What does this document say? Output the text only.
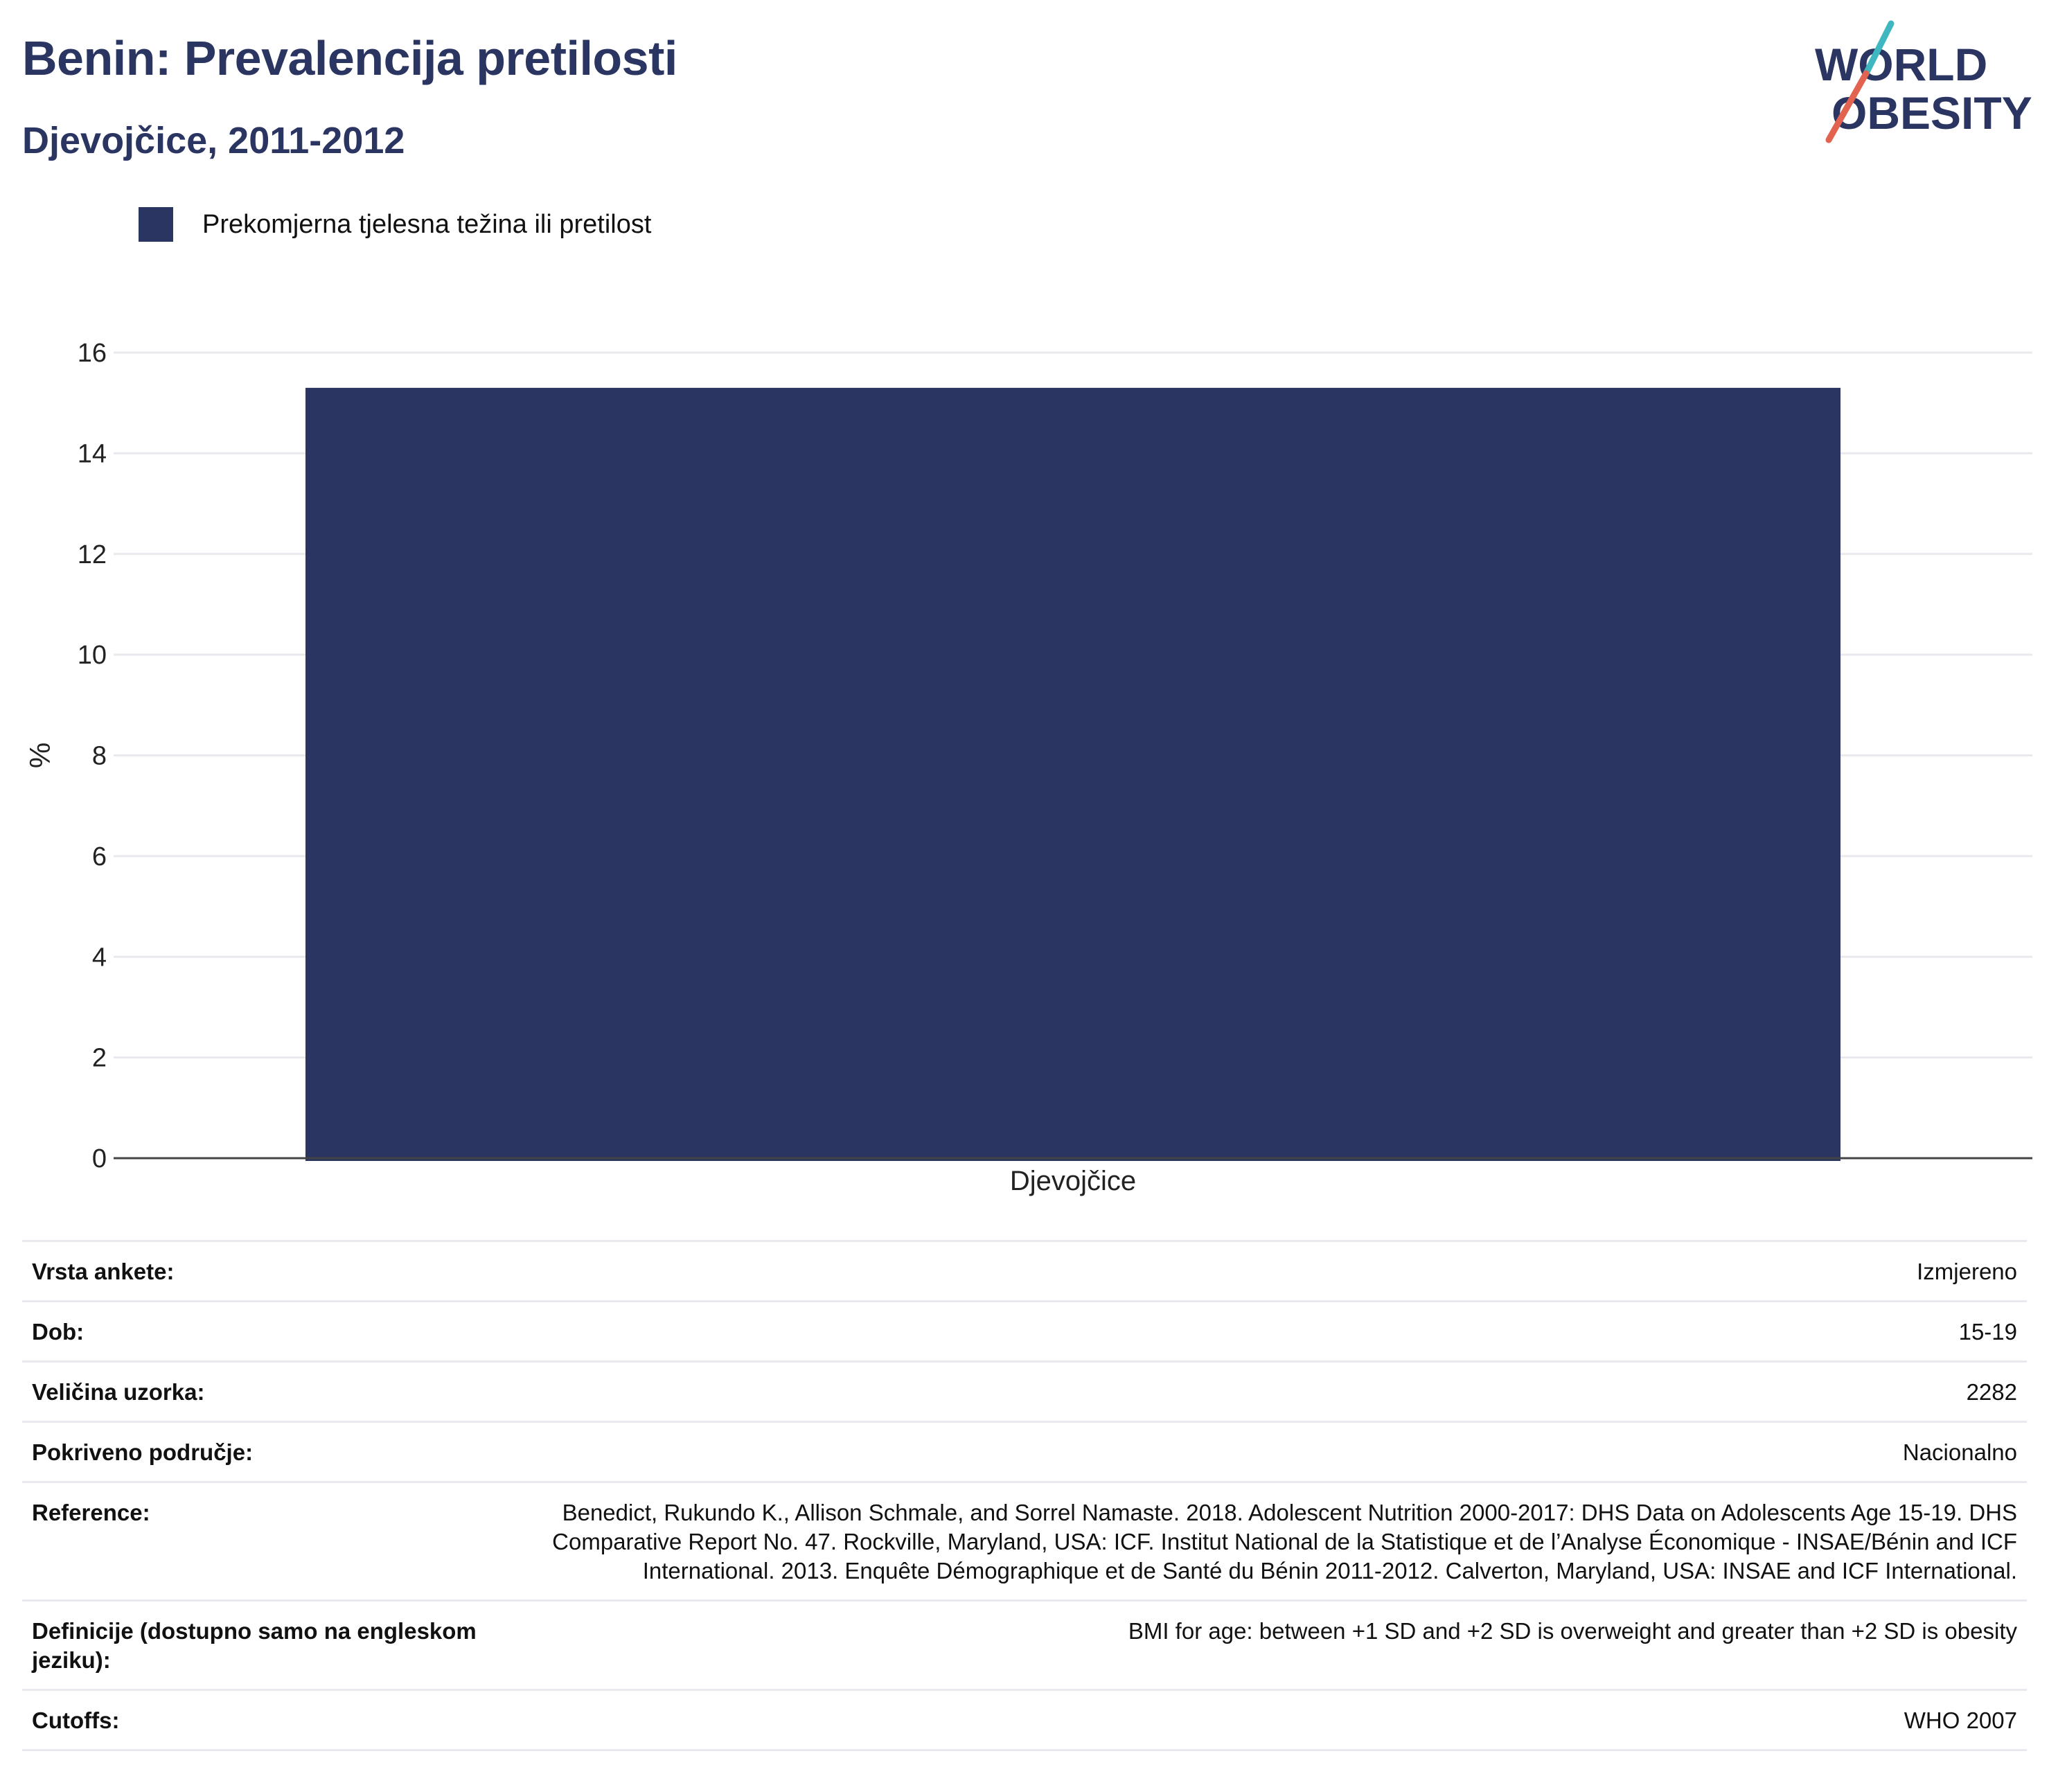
Benin: Prevalencija pretilosti
Djevojčice, 2011-2012
WORLD
OBESITY
Prekomjerna tjelesna težina ili pretilost
0
2
4
6
8
10
12
14
16
Djevojčice
%
Vrsta ankete:	Izmjereno
Dob:	15-19
Veličina uzorka:	2282
Pokriveno područje:	Nacionalno
Reference:	Benedict, Rukundo K., Allison Schmale, and Sorrel Namaste. 2018. Adolescent Nutrition 2000-2017: DHS Data on Adolescents Age 15-19. DHS Comparative Report No. 47. Rockville, Maryland, USA: ICF. Institut National de la Statistique et de l’Analyse Économique - INSAE/Bénin and ICF International. 2013. Enquête Démographique et de Santé du Bénin 2011-2012. Calverton, Maryland, USA: INSAE and ICF International.
Definicije (dostupno samo na engleskom jeziku):	BMI for age: between +1 SD and +2 SD is overweight and greater than +2 SD is obesity
Cutoffs:	WHO 2007
